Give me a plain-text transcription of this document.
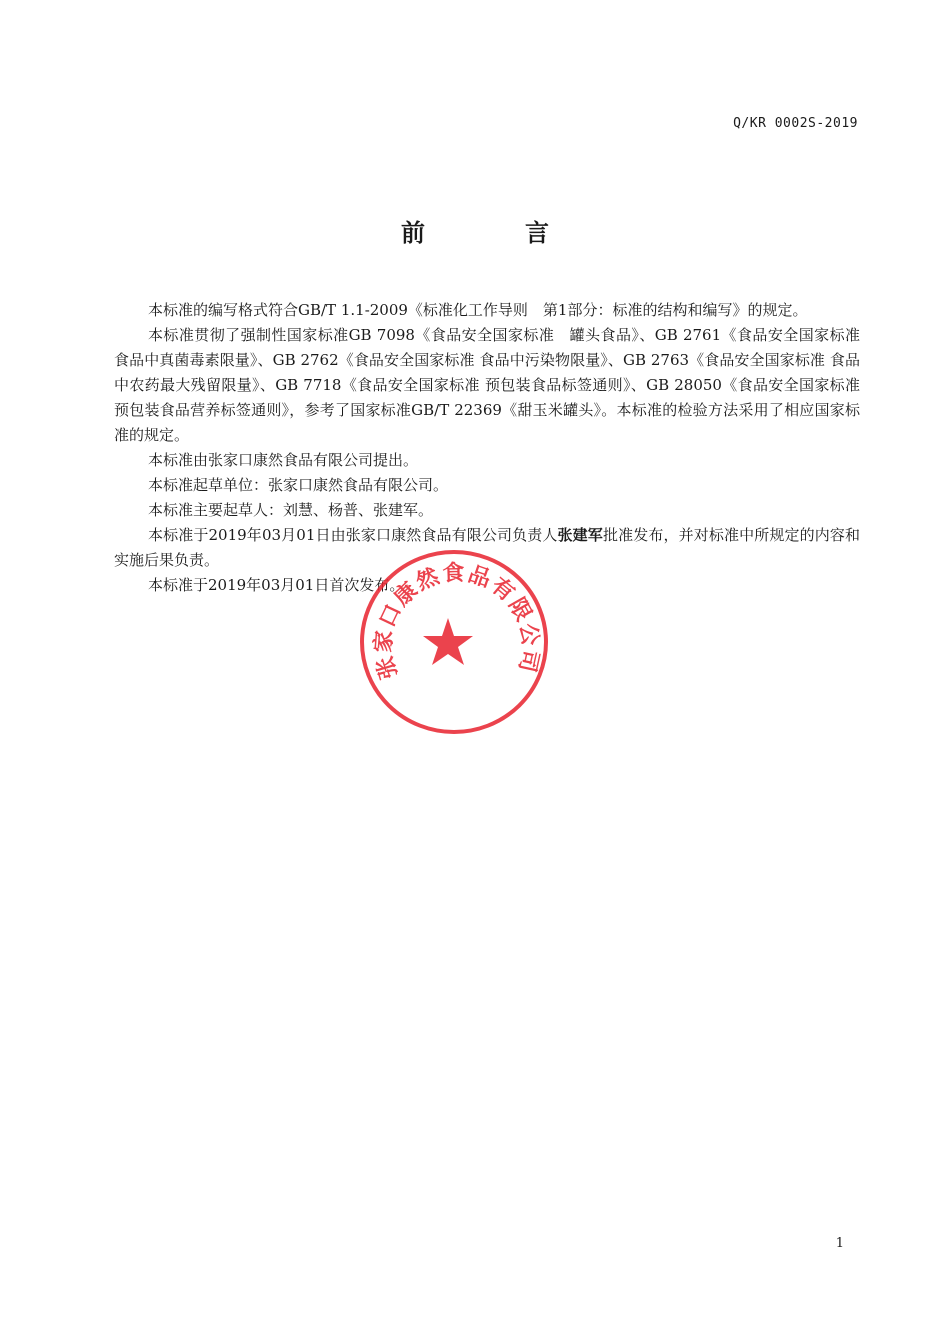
Q/KR 0002S-2019
前	言

本标准的编写格式符合GB/T 1.1-2009《标准化工作导则　第1部分：标准的结构和编写》的规定。

本标准贯彻了强制性国家标准GB 7098《食品安全国家标准　罐头食品》、GB 2761《食品安全国家标准 食品中真菌毒素限量》、GB 2762《食品安全国家标准 食品中污染物限量》、GB 2763《食品安全国家标准 食品中农药最大残留限量》、GB 7718《食品安全国家标准 预包装食品标签通则》、GB 28050《食品安全国家标准 预包装食品营养标签通则》，参考了国家标准GB/T 22369《甜玉米罐头》。本标准的检验方法采用了相应国家标准的规定。

本标准由张家口康然食品有限公司提出。

本标准起草单位：张家口康然食品有限公司。

本标准主要起草人：刘慧、杨普、张建军。

本标准于2019年03月01日由张家口康然食品有限公司负责人张建军批准发布，并对标准中所规定的内容和实施后果负责。

本标准于2019年03月01日首次发布。

张家口康然食品有限公司
1
